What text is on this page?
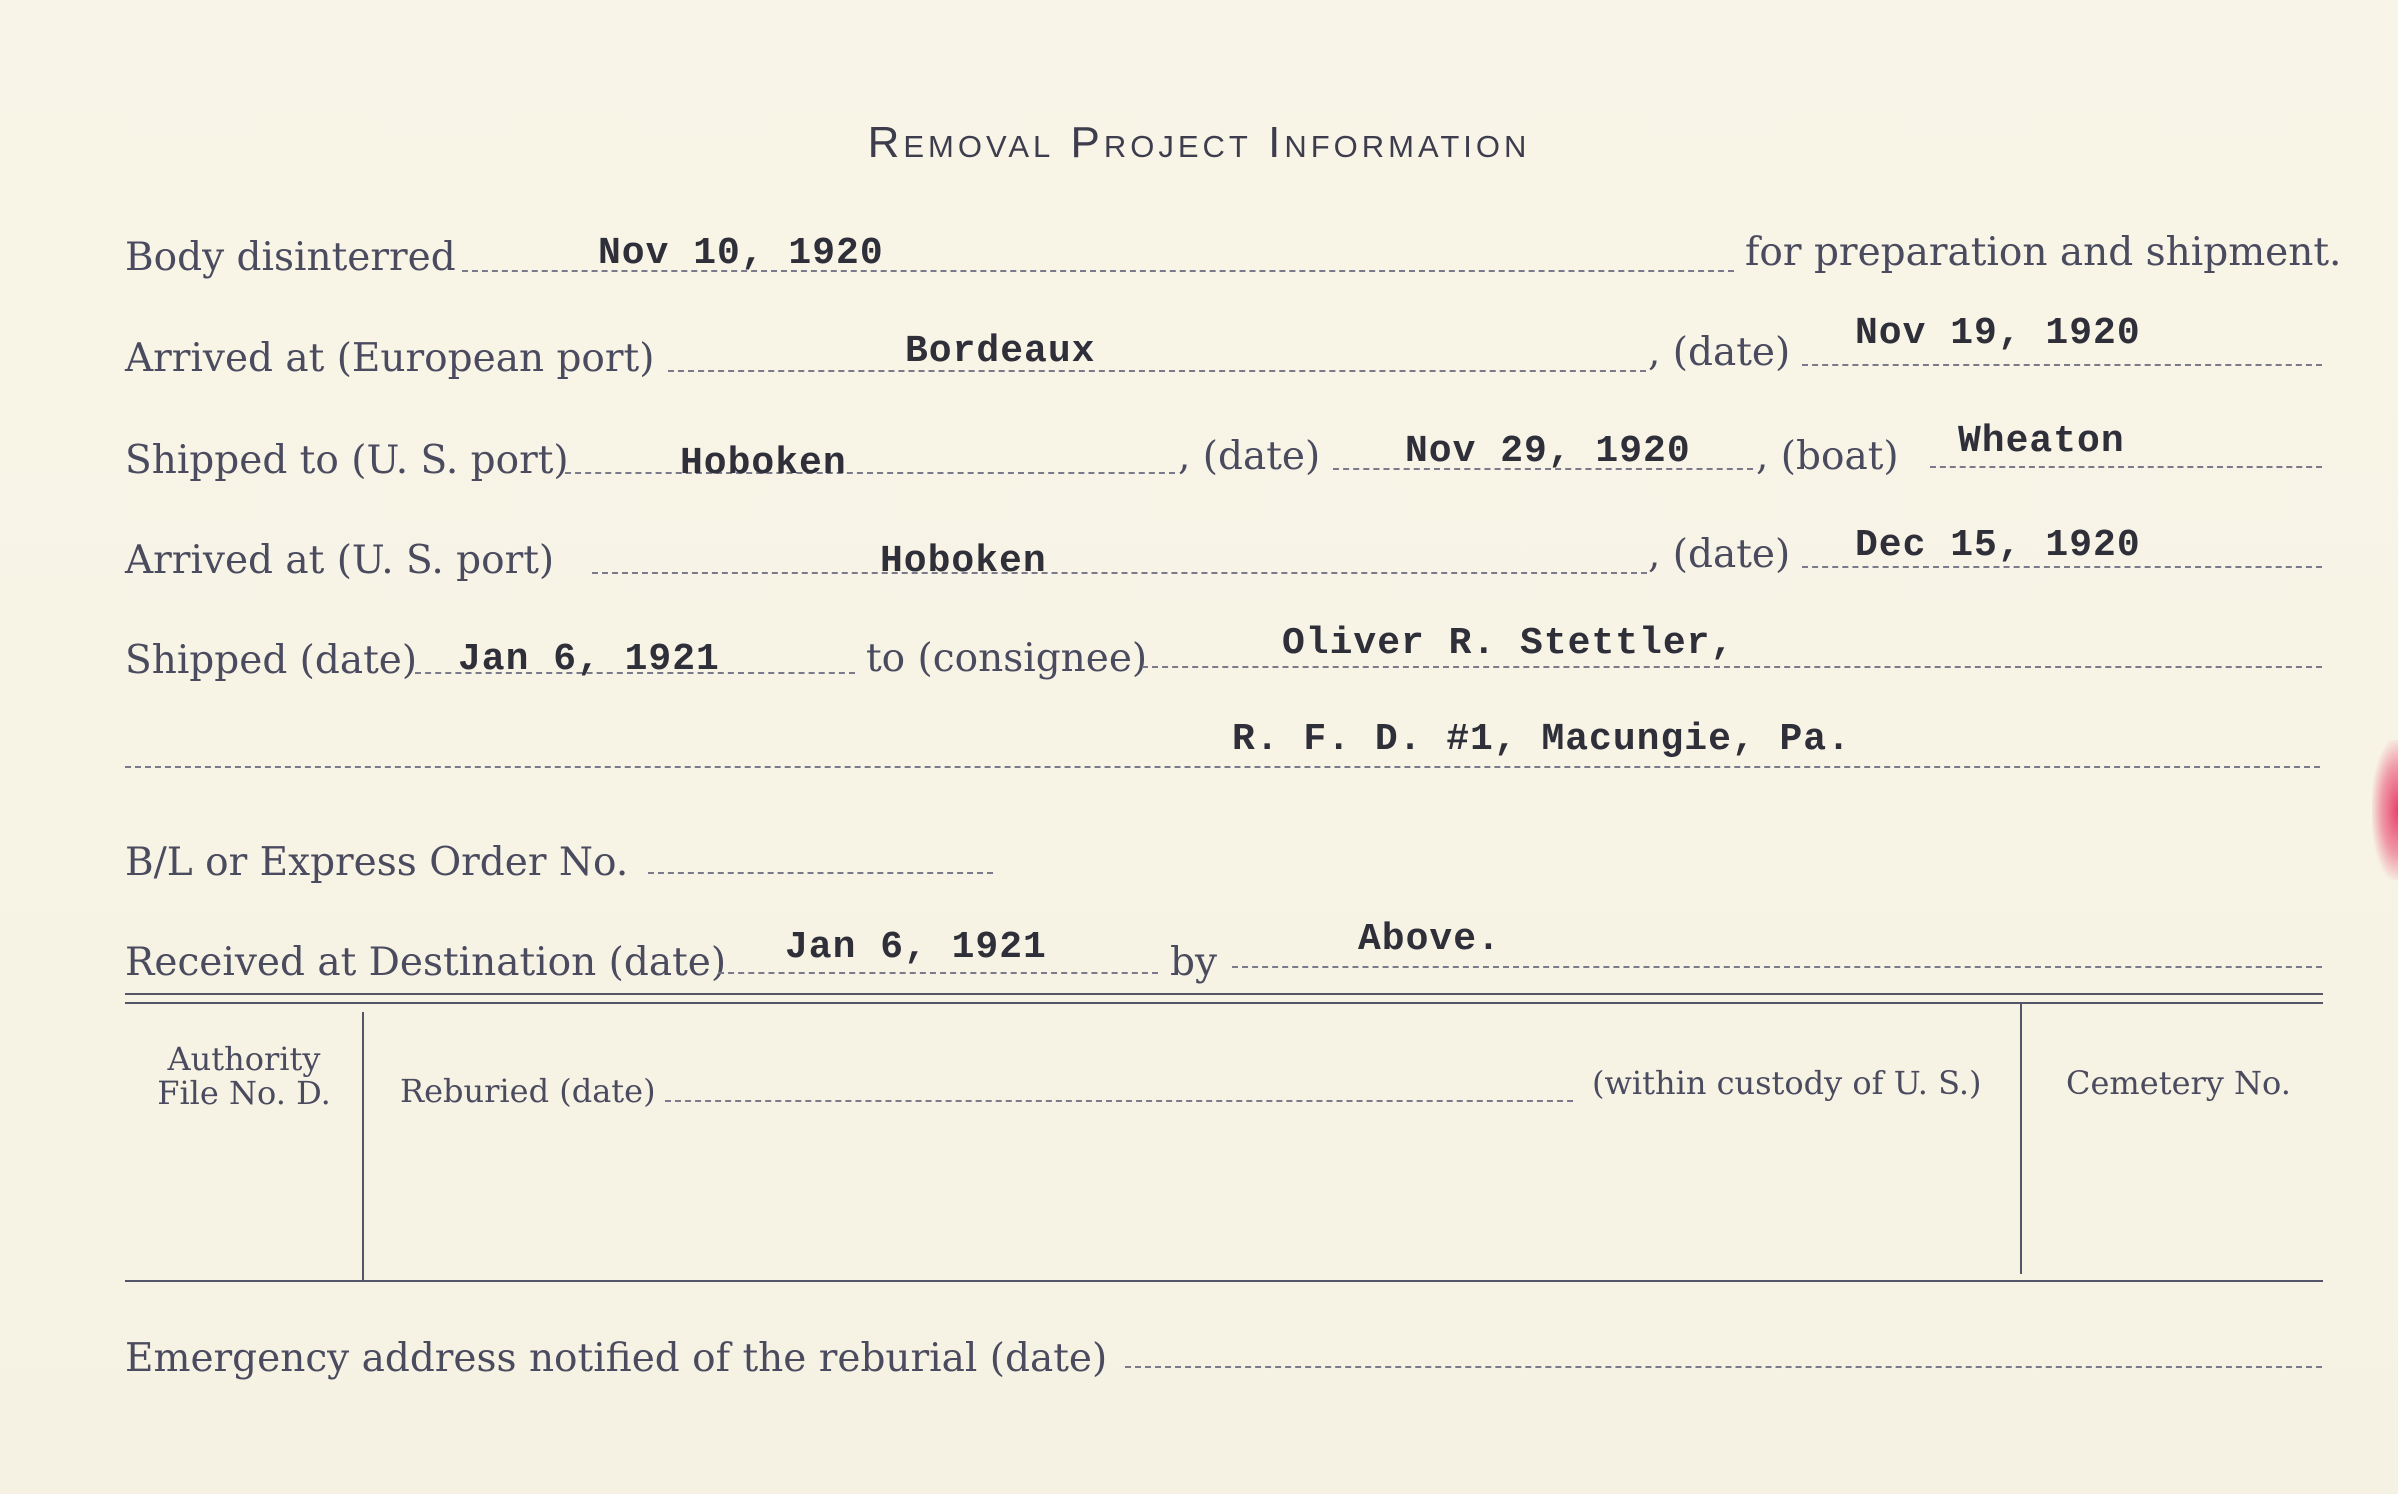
Removal Project Information
Body disinterred	Nov 10, 1920	for preparation and shipment.
Arrived at (European port)	Bordeaux	, (date) Nov 19, 1920
Shipped to (U. S. port)	Hoboken	, (date) Nov 29, 1920 , (boat) Wheaton
Arrived at (U. S. port)	Hoboken	, (date) Dec 15, 1920
Shipped (date) Jan 6, 1921	to (consignee)	Oliver R. Stettler,
R. F. D. #1, Macungie, Pa.
B/L or Express Order No.
Received at Destination (date) Jan 6, 1921	by
Above.
Authority
File No. D.	Reburied (date)	(within custody of U. S.)	Cemetery No.
Emergency address notified of the reburial (date)
